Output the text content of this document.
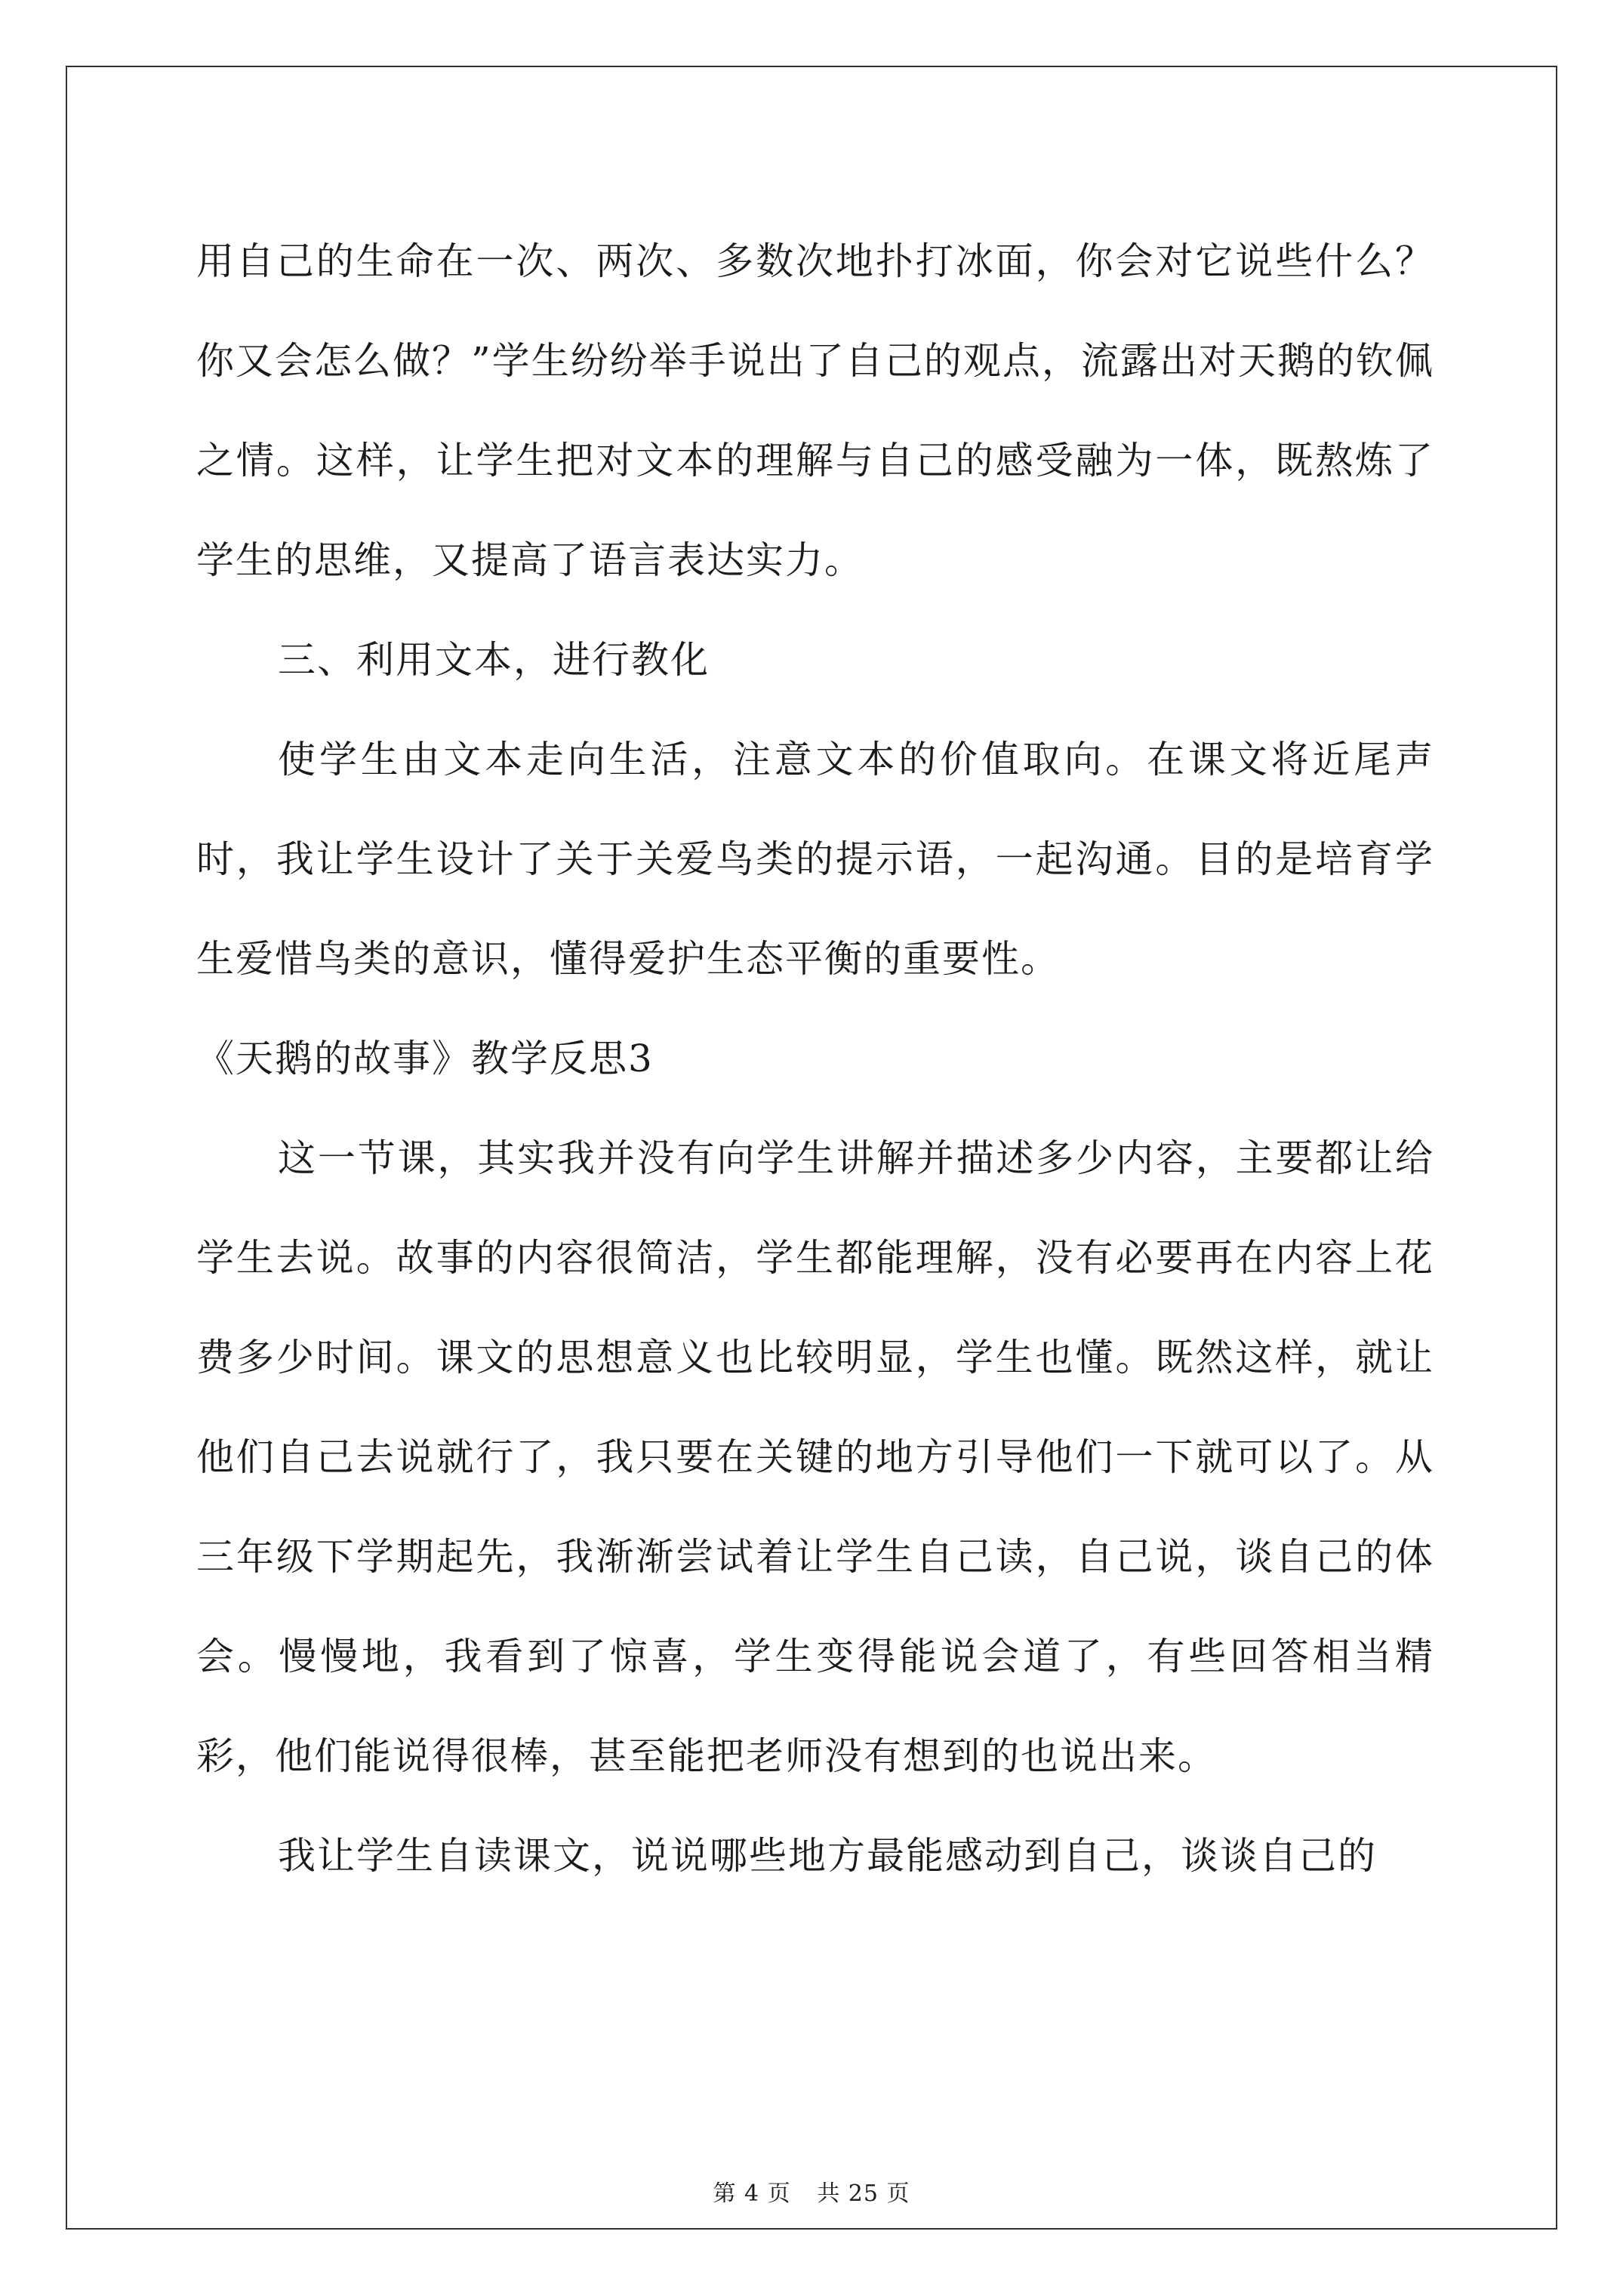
用自己的生命在一次、两次、多数次地扑打冰面，你会对它说些什么？你又会怎么做？”学生纷纷举手说出了自己的观点，流露出对天鹅的钦佩之情。这样，让学生把对文本的理解与自己的感受融为一体，既熬炼了学生的思维，又提高了语言表达实力。

三、利用文本，进行教化

使学生由文本走向生活，注意文本的价值取向。在课文将近尾声时，我让学生设计了关于关爱鸟类的提示语，一起沟通。目的是培育学生爱惜鸟类的意识，懂得爱护生态平衡的重要性。

《天鹅的故事》教学反思3

这一节课，其实我并没有向学生讲解并描述多少内容，主要都让给学生去说。故事的内容很简洁，学生都能理解，没有必要再在内容上花费多少时间。课文的思想意义也比较明显，学生也懂。既然这样，就让他们自己去说就行了，我只要在关键的地方引导他们一下就可以了。从三年级下学期起先，我渐渐尝试着让学生自己读，自己说，谈自己的体会。慢慢地，我看到了惊喜，学生变得能说会道了，有些回答相当精彩，他们能说得很棒，甚至能把老师没有想到的也说出来。

我让学生自读课文，说说哪些地方最能感动到自己，谈谈自己的

第 4 页 共 25 页
